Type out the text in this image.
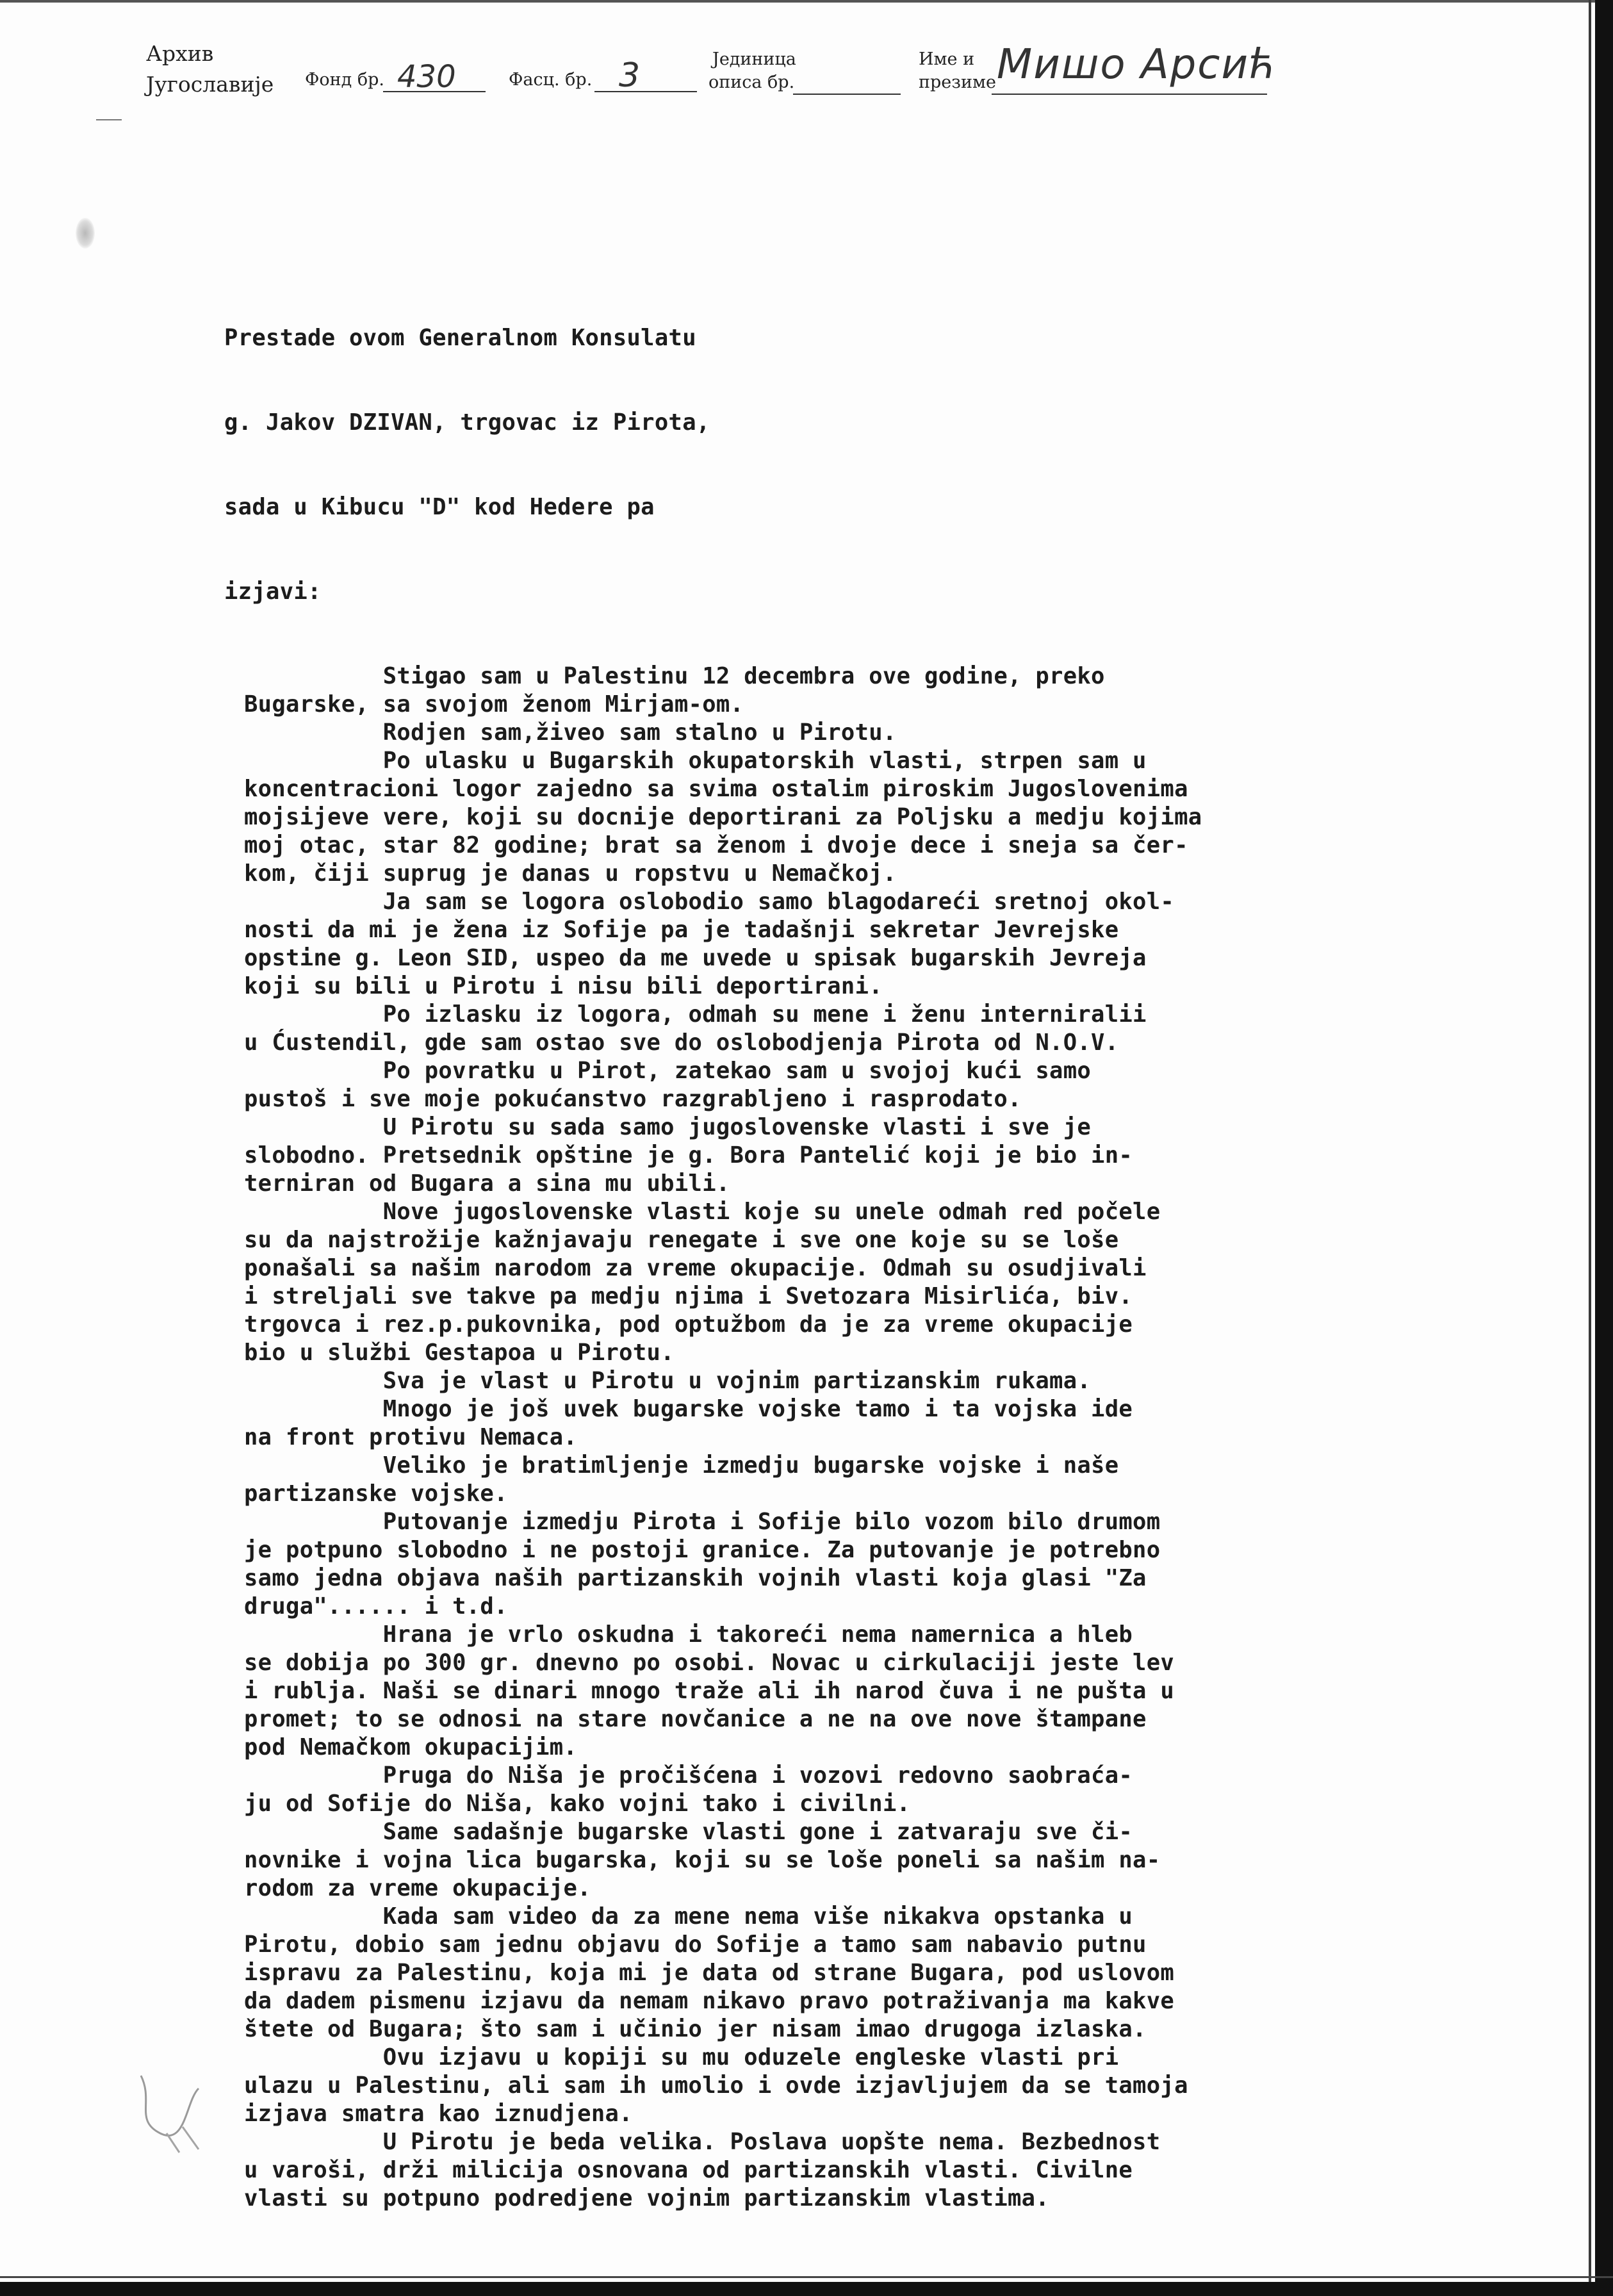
Архив
Југославије Фонд бр. 430	Фасц. бр. 3	Јединица
описа бр.
Име и
презиме Мишо Арсић

Prestade ovom Generalnom Konsulatu

g. Jakov DZIVAN, trgovac iz Pirota,

sada u Kibucu "D" kod Hedere pa

izjavi:

Stigao sam u Palestinu 12 decembra ove godine, preko
Bugarske, sa svojom ženom Mirjam-om.
Rodjen sam,živeo sam stalno u Pirotu.
Po ulasku u Bugarskih okupatorskih vlasti, strpen sam u
koncentracioni logor zajedno sa svima ostalim piroskim Jugoslovenima
mojsijeve vere, koji su docnije deportirani za Poljsku a medju kojima
moj otac, star 82 godine; brat sa ženom i dvoje dece i sneja sa čer-
kom, čiji suprug je danas u ropstvu u Nemačkoj.
Ja sam se logora oslobodio samo blagodareći sretnoj okol-
nosti da mi je žena iz Sofije pa je tadašnji sekretar Jevrejske
opstine g. Leon SID, uspeo da me uvede u spisak bugarskih Jevreja
koji su bili u Pirotu i nisu bili deportirani.
Po izlasku iz logora, odmah su mene i ženu interniralii
u Ćustendil, gde sam ostao sve do oslobodjenja Pirota od N.O.V.
Po povratku u Pirot, zatekao sam u svojoj kući samo
pustoš i sve moje pokućanstvo razgrabljeno i rasprodato.
U Pirotu su sada samo jugoslovenske vlasti i sve je
slobodno. Pretsednik opštine je g. Bora Pantelić koji je bio in-
terniran od Bugara a sina mu ubili.
Nove jugoslovenske vlasti koje su unele odmah red počele
su da najstrožije kažnjavaju renegate i sve one koje su se loše
ponašali sa našim narodom za vreme okupacije. Odmah su osudjivali
i streljali sve takve pa medju njima i Svetozara Misirlića, biv.
trgovca i rez.p.pukovnika, pod optužbom da je za vreme okupacije
bio u službi Gestapoa u Pirotu.
Sva je vlast u Pirotu u vojnim partizanskim rukama.
Mnogo je još uvek bugarske vojske tamo i ta vojska ide
na front protivu Nemaca.
Veliko je bratimljenje izmedju bugarske vojske i naše
partizanske vojske.
Putovanje izmedju Pirota i Sofije bilo vozom bilo drumom
je potpuno slobodno i ne postoji granice. Za putovanje je potrebno
samo jedna objava naših partizanskih vojnih vlasti koja glasi "Za
druga"...... i t.d.
Hrana je vrlo oskudna i takoreći nema namernica a hleb
se dobija po 300 gr. dnevno po osobi. Novac u cirkulaciji jeste lev
i rublja. Naši se dinari mnogo traže ali ih narod čuva i ne pušta u
promet; to se odnosi na stare novčanice a ne na ove nove štampane
pod Nemačkom okupacijim.
Pruga do Niša je pročišćena i vozovi redovno saobraća-
ju od Sofije do Niša, kako vojni tako i civilni.
Same sadašnje bugarske vlasti gone i zatvaraju sve či-
novnike i vojna lica bugarska, koji su se loše poneli sa našim na-
rodom za vreme okupacije.
Kada sam video da za mene nema više nikakva opstanka u
Pirotu, dobio sam jednu objavu do Sofije a tamo sam nabavio putnu
ispravu za Palestinu, koja mi je data od strane Bugara, pod uslovom
da dadem pismenu izjavu da nemam nikavo pravo potraživanja ma kakve
štete od Bugara; što sam i učinio jer nisam imao drugoga izlaska.
Ovu izjavu u kopiji su mu oduzele engleske vlasti pri
ulazu u Palestinu, ali sam ih umolio i ovde izjavljujem da se tamoja
izjava smatra kao iznudjena.
U Pirotu je beda velika. Poslava uopšte nema. Bezbednost
u varoši, drži milicija osnovana od partizanskih vlasti. Civilne
vlasti su potpuno podredjene vojnim partizanskim vlastima.
